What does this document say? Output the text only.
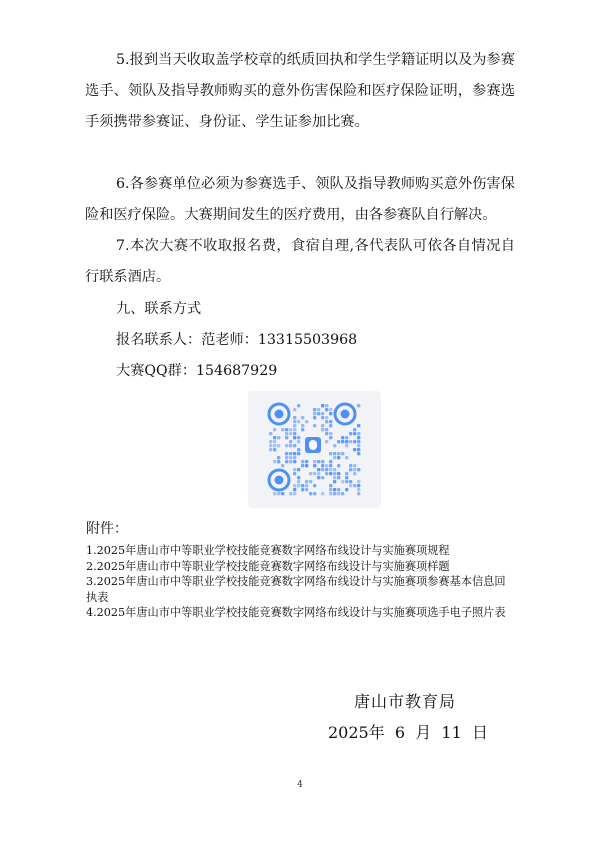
5.报到当天收取盖学校章的纸质回执和学生学籍证明以及为参赛选手、领队及指导教师购买的意外伤害保险和医疗保险证明，参赛选手须携带参赛证、身份证、学生证参加比赛。

6.各参赛单位必须为参赛选手、领队及指导教师购买意外伤害保险和医疗保险。大赛期间发生的医疗费用，由各参赛队自行解决。

7.本次大赛不收取报名费，食宿自理,各代表队可依各自情况自行联系酒店。

九、联系方式

报名联系人：范老师：13315503968

大赛QQ群：154687929

附件：

1.2025年唐山市中等职业学校技能竞赛数字网络布线设计与实施赛项规程
2.2025年唐山市中等职业学校技能竞赛数字网络布线设计与实施赛项样题
3.2025年唐山市中等职业学校技能竞赛数字网络布线设计与实施赛项参赛基本信息回执表
4.2025年唐山市中等职业学校技能竞赛数字网络布线设计与实施赛项选手电子照片表

唐山市教育局

2025年  6  月  11  日

4
